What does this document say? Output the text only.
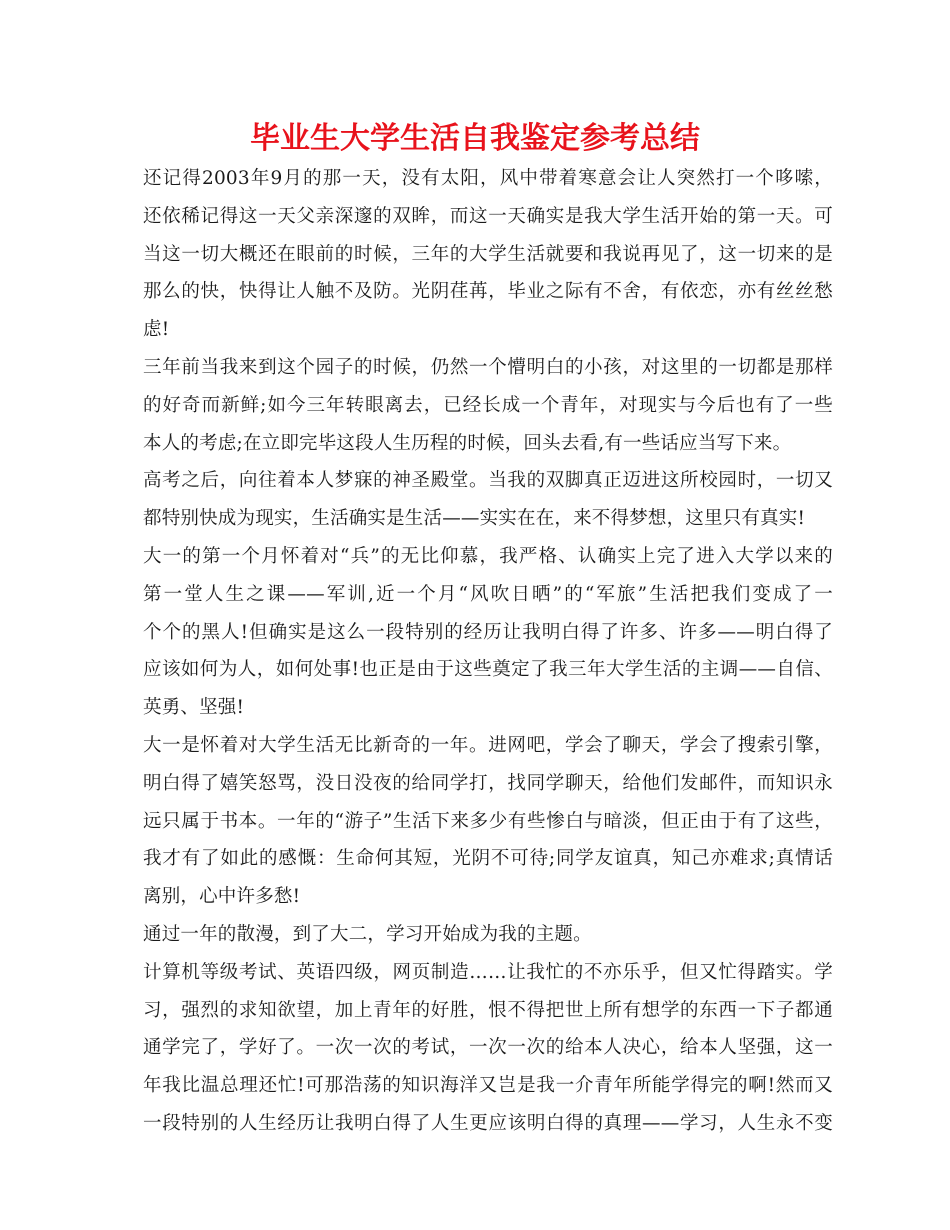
毕业生大学生活自我鉴定参考总结
还记得2003年9月的那一天，没有太阳，风中带着寒意会让人突然打一个哆嗦，
还依稀记得这一天父亲深邃的双眸，而这一天确实是我大学生活开始的第一天。可
当这一切大概还在眼前的时候，三年的大学生活就要和我说再见了，这一切来的是
那么的快，快得让人触不及防。光阴荏苒，毕业之际有不舍，有依恋，亦有丝丝愁
虑!
三年前当我来到这个园子的时候，仍然一个懵明白的小孩，对这里的一切都是那样
的好奇而新鲜;如今三年转眼离去，已经长成一个青年，对现实与今后也有了一些
本人的考虑;在立即完毕这段人生历程的时候，回头去看,有一些话应当写下来。
高考之后，向往着本人梦寐的神圣殿堂。当我的双脚真正迈进这所校园时，一切又
都特别快成为现实，生活确实是生活——实实在在，来不得梦想，这里只有真实!
大一的第一个月怀着对“兵”的无比仰慕，我严格、认确实上完了进入大学以来的
第一堂人生之课——军训,近一个月“风吹日晒”的“军旅”生活把我们变成了一
个个的黑人!但确实是这么一段特别的经历让我明白得了许多、许多——明白得了
应该如何为人，如何处事!也正是由于这些奠定了我三年大学生活的主调——自信、
英勇、坚强!
大一是怀着对大学生活无比新奇的一年。进网吧，学会了聊天，学会了搜索引擎，
明白得了嬉笑怒骂，没日没夜的给同学打，找同学聊天，给他们发邮件，而知识永
远只属于书本。一年的“游子”生活下来多少有些惨白与暗淡，但正由于有了这些，
我才有了如此的感慨：生命何其短，光阴不可待;同学友谊真，知己亦难求;真情话
离别，心中许多愁!
通过一年的散漫，到了大二，学习开始成为我的主题。
计算机等级考试、英语四级，网页制造……让我忙的不亦乐乎，但又忙得踏实。学
习，强烈的求知欲望，加上青年的好胜，恨不得把世上所有想学的东西一下子都通
通学完了，学好了。一次一次的考试，一次一次的给本人决心，给本人坚强，这一
年我比温总理还忙!可那浩荡的知识海洋又岂是我一介青年所能学得完的啊!然而又
一段特别的人生经历让我明白得了人生更应该明白得的真理——学习，人生永不变
